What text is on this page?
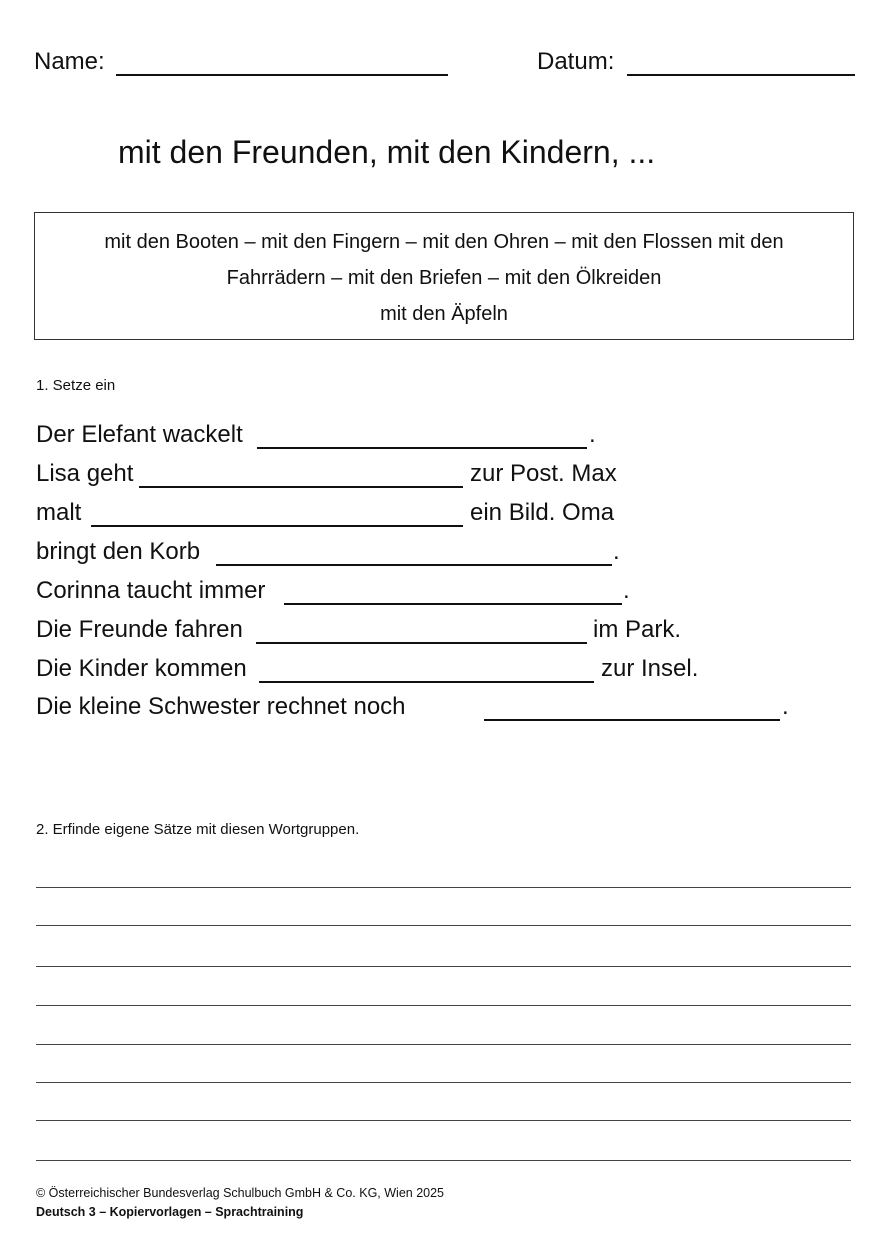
Name:	Datum:
mit den Freunden, mit den Kindern, ...
mit den Booten – mit den Fingern – mit den Ohren – mit den Flossen mit den
Fahrrädern – mit den Briefen – mit den Ölkreiden
mit den Äpfeln
1. Setze ein
Der Elefant wackelt	.
Lisa geht	zur Post. Max
malt	ein Bild. Oma
bringt den Korb	.
Corinna taucht immer	.
Die Freunde fahren	im Park.
Die Kinder kommen	zur Insel.
Die kleine Schwester rechnet noch	.
2. Erfinde eigene Sätze mit diesen Wortgruppen.
© Österreichischer Bundesverlag Schulbuch GmbH & Co. KG, Wien 2025
Deutsch 3 – Kopiervorlagen – Sprachtraining
